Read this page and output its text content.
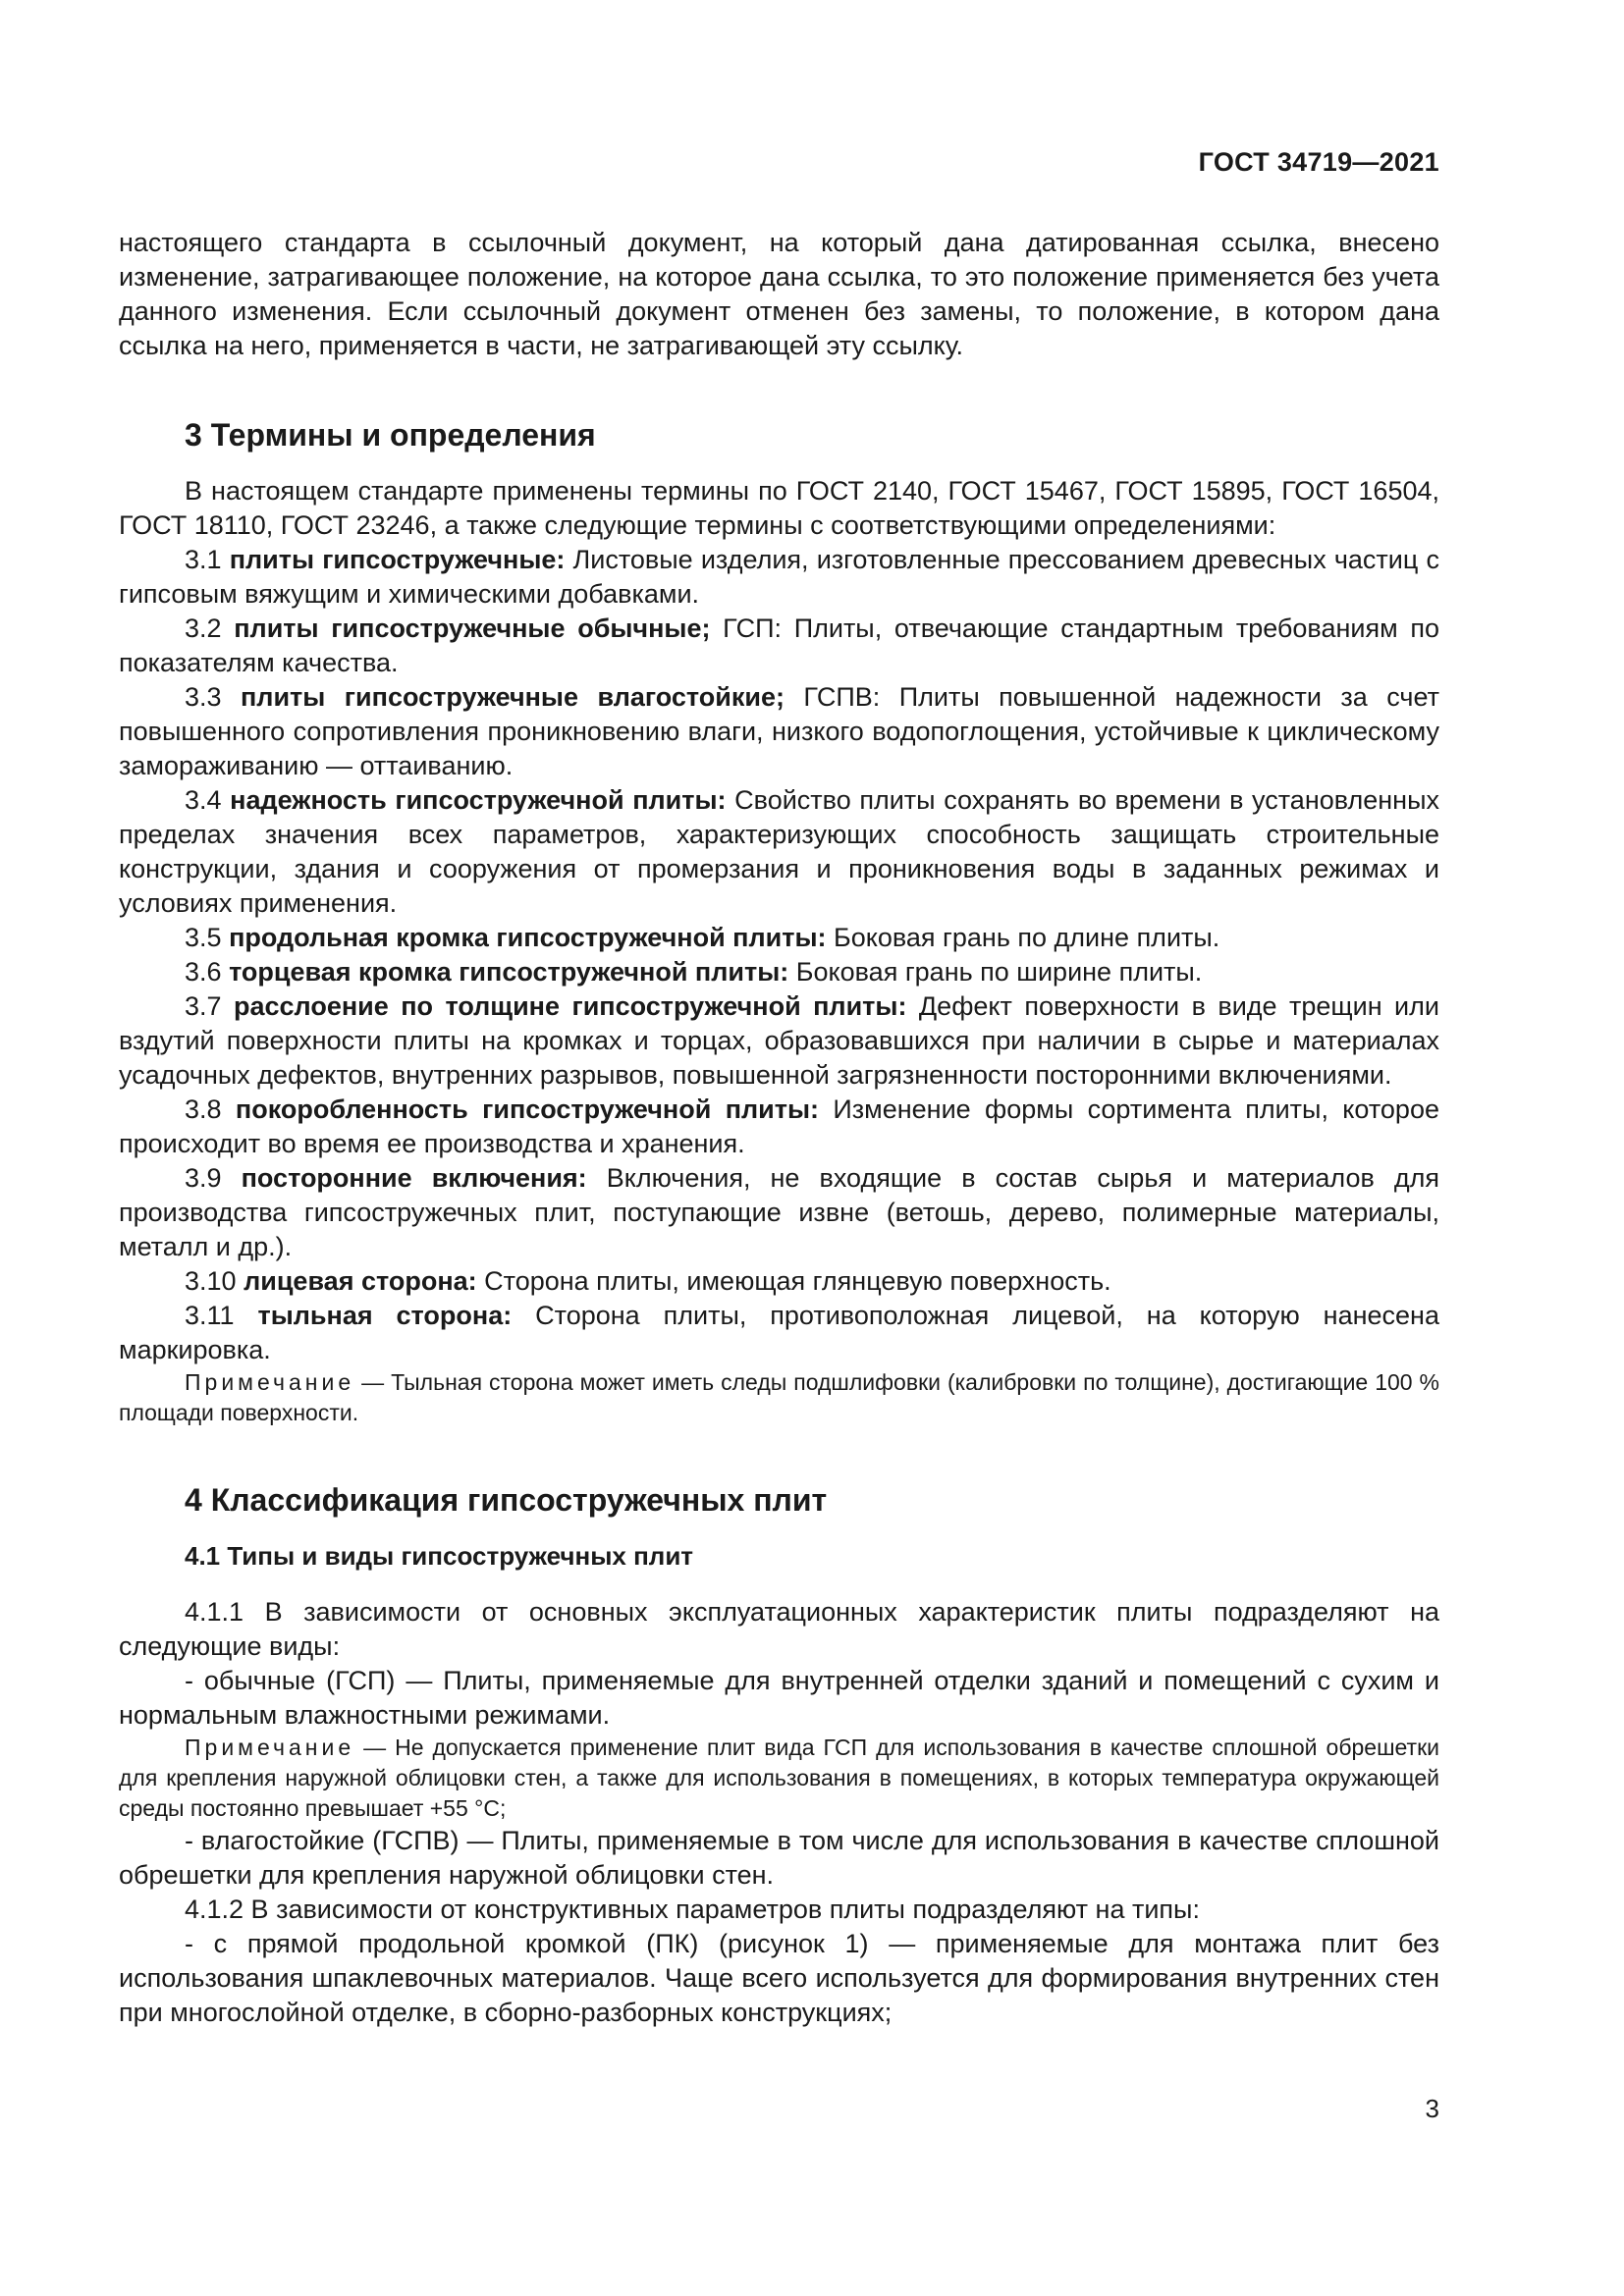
ГОСТ 34719—2021

настоящего стандарта в ссылочный документ, на который дана датированная ссылка, внесено изменение, затрагивающее положение, на которое дана ссылка, то это положение применяется без учета данного изменения. Если ссылочный документ отменен без замены, то положение, в котором дана ссылка на него, применяется в части, не затрагивающей эту ссылку.

3 Термины и определения

В настоящем стандарте применены термины по ГОСТ 2140, ГОСТ 15467, ГОСТ 15895, ГОСТ 16504, ГОСТ 18110, ГОСТ 23246, а также следующие термины с соответствующими определениями:

3.1 плиты гипсостружечные: Листовые изделия, изготовленные прессованием древесных частиц с гипсовым вяжущим и химическими добавками.

3.2 плиты гипсостружечные обычные; ГСП: Плиты, отвечающие стандартным требованиям по показателям качества.

3.3 плиты гипсостружечные влагостойкие; ГСПВ: Плиты повышенной надежности за счет повышенного сопротивления проникновению влаги, низкого водопоглощения, устойчивые к циклическому замораживанию — оттаиванию.

3.4 надежность гипсостружечной плиты: Свойство плиты сохранять во времени в установленных пределах значения всех параметров, характеризующих способность защищать строительные конструкции, здания и сооружения от промерзания и проникновения воды в заданных режимах и условиях применения.

3.5 продольная кромка гипсостружечной плиты: Боковая грань по длине плиты.

3.6 торцевая кромка гипсостружечной плиты: Боковая грань по ширине плиты.

3.7 расслоение по толщине гипсостружечной плиты: Дефект поверхности в виде трещин или вздутий поверхности плиты на кромках и торцах, образовавшихся при наличии в сырье и материалах усадочных дефектов, внутренних разрывов, повышенной загрязненности посторонними включениями.

3.8 покоробленность гипсостружечной плиты: Изменение формы сортимента плиты, которое происходит во время ее производства и хранения.

3.9 посторонние включения: Включения, не входящие в состав сырья и материалов для производства гипсостружечных плит, поступающие извне (ветошь, дерево, полимерные материалы, металл и др.).

3.10 лицевая сторона: Сторона плиты, имеющая глянцевую поверхность.

3.11 тыльная сторона: Сторона плиты, противоположная лицевой, на которую нанесена маркировка.

Примечание — Тыльная сторона может иметь следы подшлифовки (калибровки по толщине), достигающие 100 % площади поверхности.

4 Классификация гипсостружечных плит
4.1 Типы и виды гипсостружечных плит

4.1.1 В зависимости от основных эксплуатационных характеристик плиты подразделяют на следующие виды:

- обычные (ГСП) — Плиты, применяемые для внутренней отделки зданий и помещений с сухим и нормальным влажностными режимами.

Примечание — Не допускается применение плит вида ГСП для использования в качестве сплошной обрешетки для крепления наружной облицовки стен, а также для использования в помещениях, в которых температура окружающей среды постоянно превышает +55 °С;

- влагостойкие (ГСПВ) — Плиты, применяемые в том числе для использования в качестве сплошной обрешетки для крепления наружной облицовки стен.

4.1.2 В зависимости от конструктивных параметров плиты подразделяют на типы:

- с прямой продольной кромкой (ПК) (рисунок 1) — применяемые для монтажа плит без использования шпаклевочных материалов. Чаще всего используется для формирования внутренних стен при многослойной отделке, в сборно-разборных конструкциях;

3
